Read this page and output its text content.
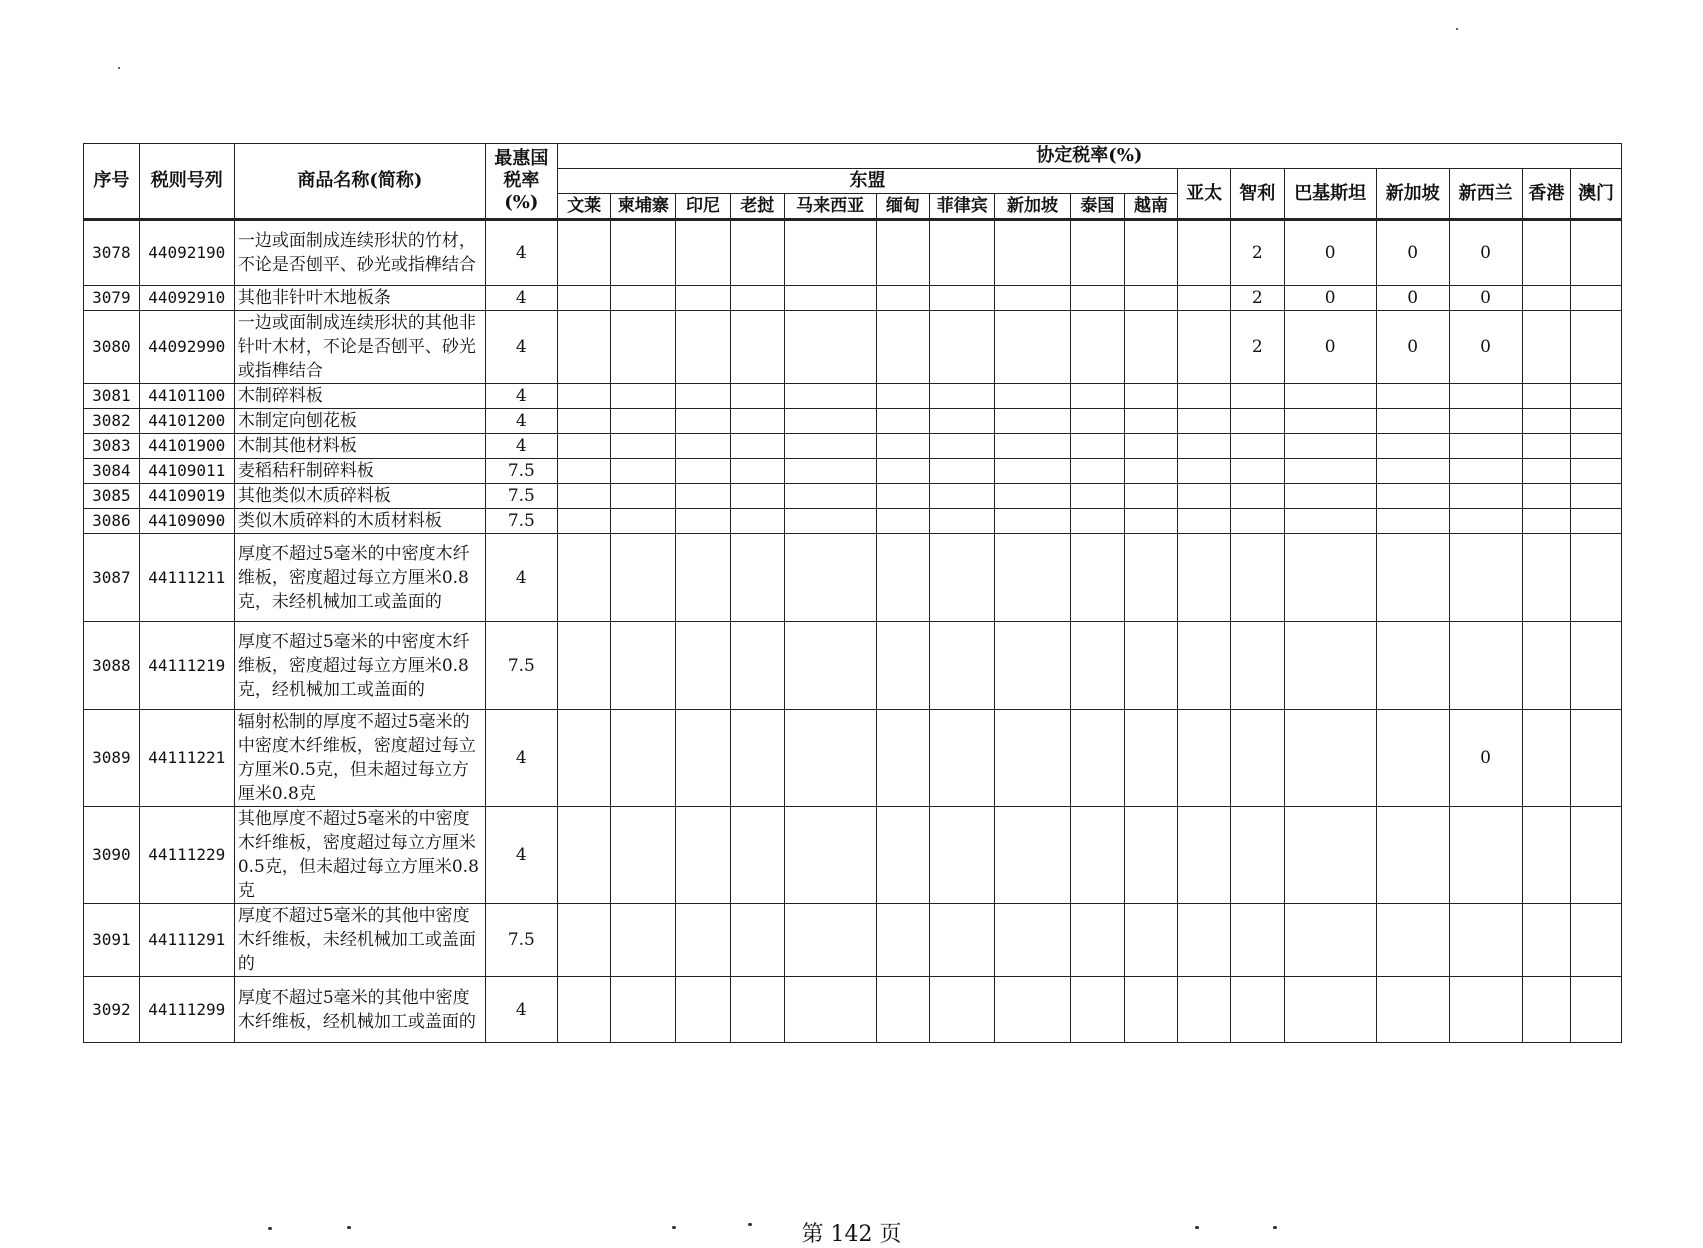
序号	税则号列	商品名称(简称)	最惠国税率(%)	协定税率(%)																
				东盟										亚太	智利	巴基斯坦	新加坡	新西兰	香港	澳门
				文莱	柬埔寨	印尼	老挝	马来西亚	缅甸	菲律宾	新加坡	泰国	越南							
3078	44092190	一边或面制成连续形状的竹材，不论是否刨平、砂光或指榫结合	4												2	0	0	0		
3079	44092910	其他非针叶木地板条	4												2	0	0	0		
3080	44092990	一边或面制成连续形状的其他非针叶木材，不论是否刨平、砂光或指榫结合	4												2	0	0	0		
3081	44101100	木制碎料板	4																	
3082	44101200	木制定向刨花板	4																	
3083	44101900	木制其他材料板	4																	
3084	44109011	麦稻秸秆制碎料板	7.5																	
3085	44109019	其他类似木质碎料板	7.5																	
3086	44109090	类似木质碎料的木质材料板	7.5																	
3087	44111211	厚度不超过5毫米的中密度木纤维板，密度超过每立方厘米0.8克，未经机械加工或盖面的	4																	
3088	44111219	厚度不超过5毫米的中密度木纤维板，密度超过每立方厘米0.8克，经机械加工或盖面的	7.5																	
3089	44111221	辐射松制的厚度不超过5毫米的中密度木纤维板，密度超过每立方厘米0.5克，但未超过每立方厘米0.8克	4															0		
3090	44111229	其他厚度不超过5毫米的中密度木纤维板，密度超过每立方厘米0.5克，但未超过每立方厘米0.8克	4																	
3091	44111291	厚度不超过5毫米的其他中密度木纤维板，未经机械加工或盖面的	7.5																	
3092	44111299	厚度不超过5毫米的其他中密度木纤维板，经机械加工或盖面的	4																	
第 142 页
